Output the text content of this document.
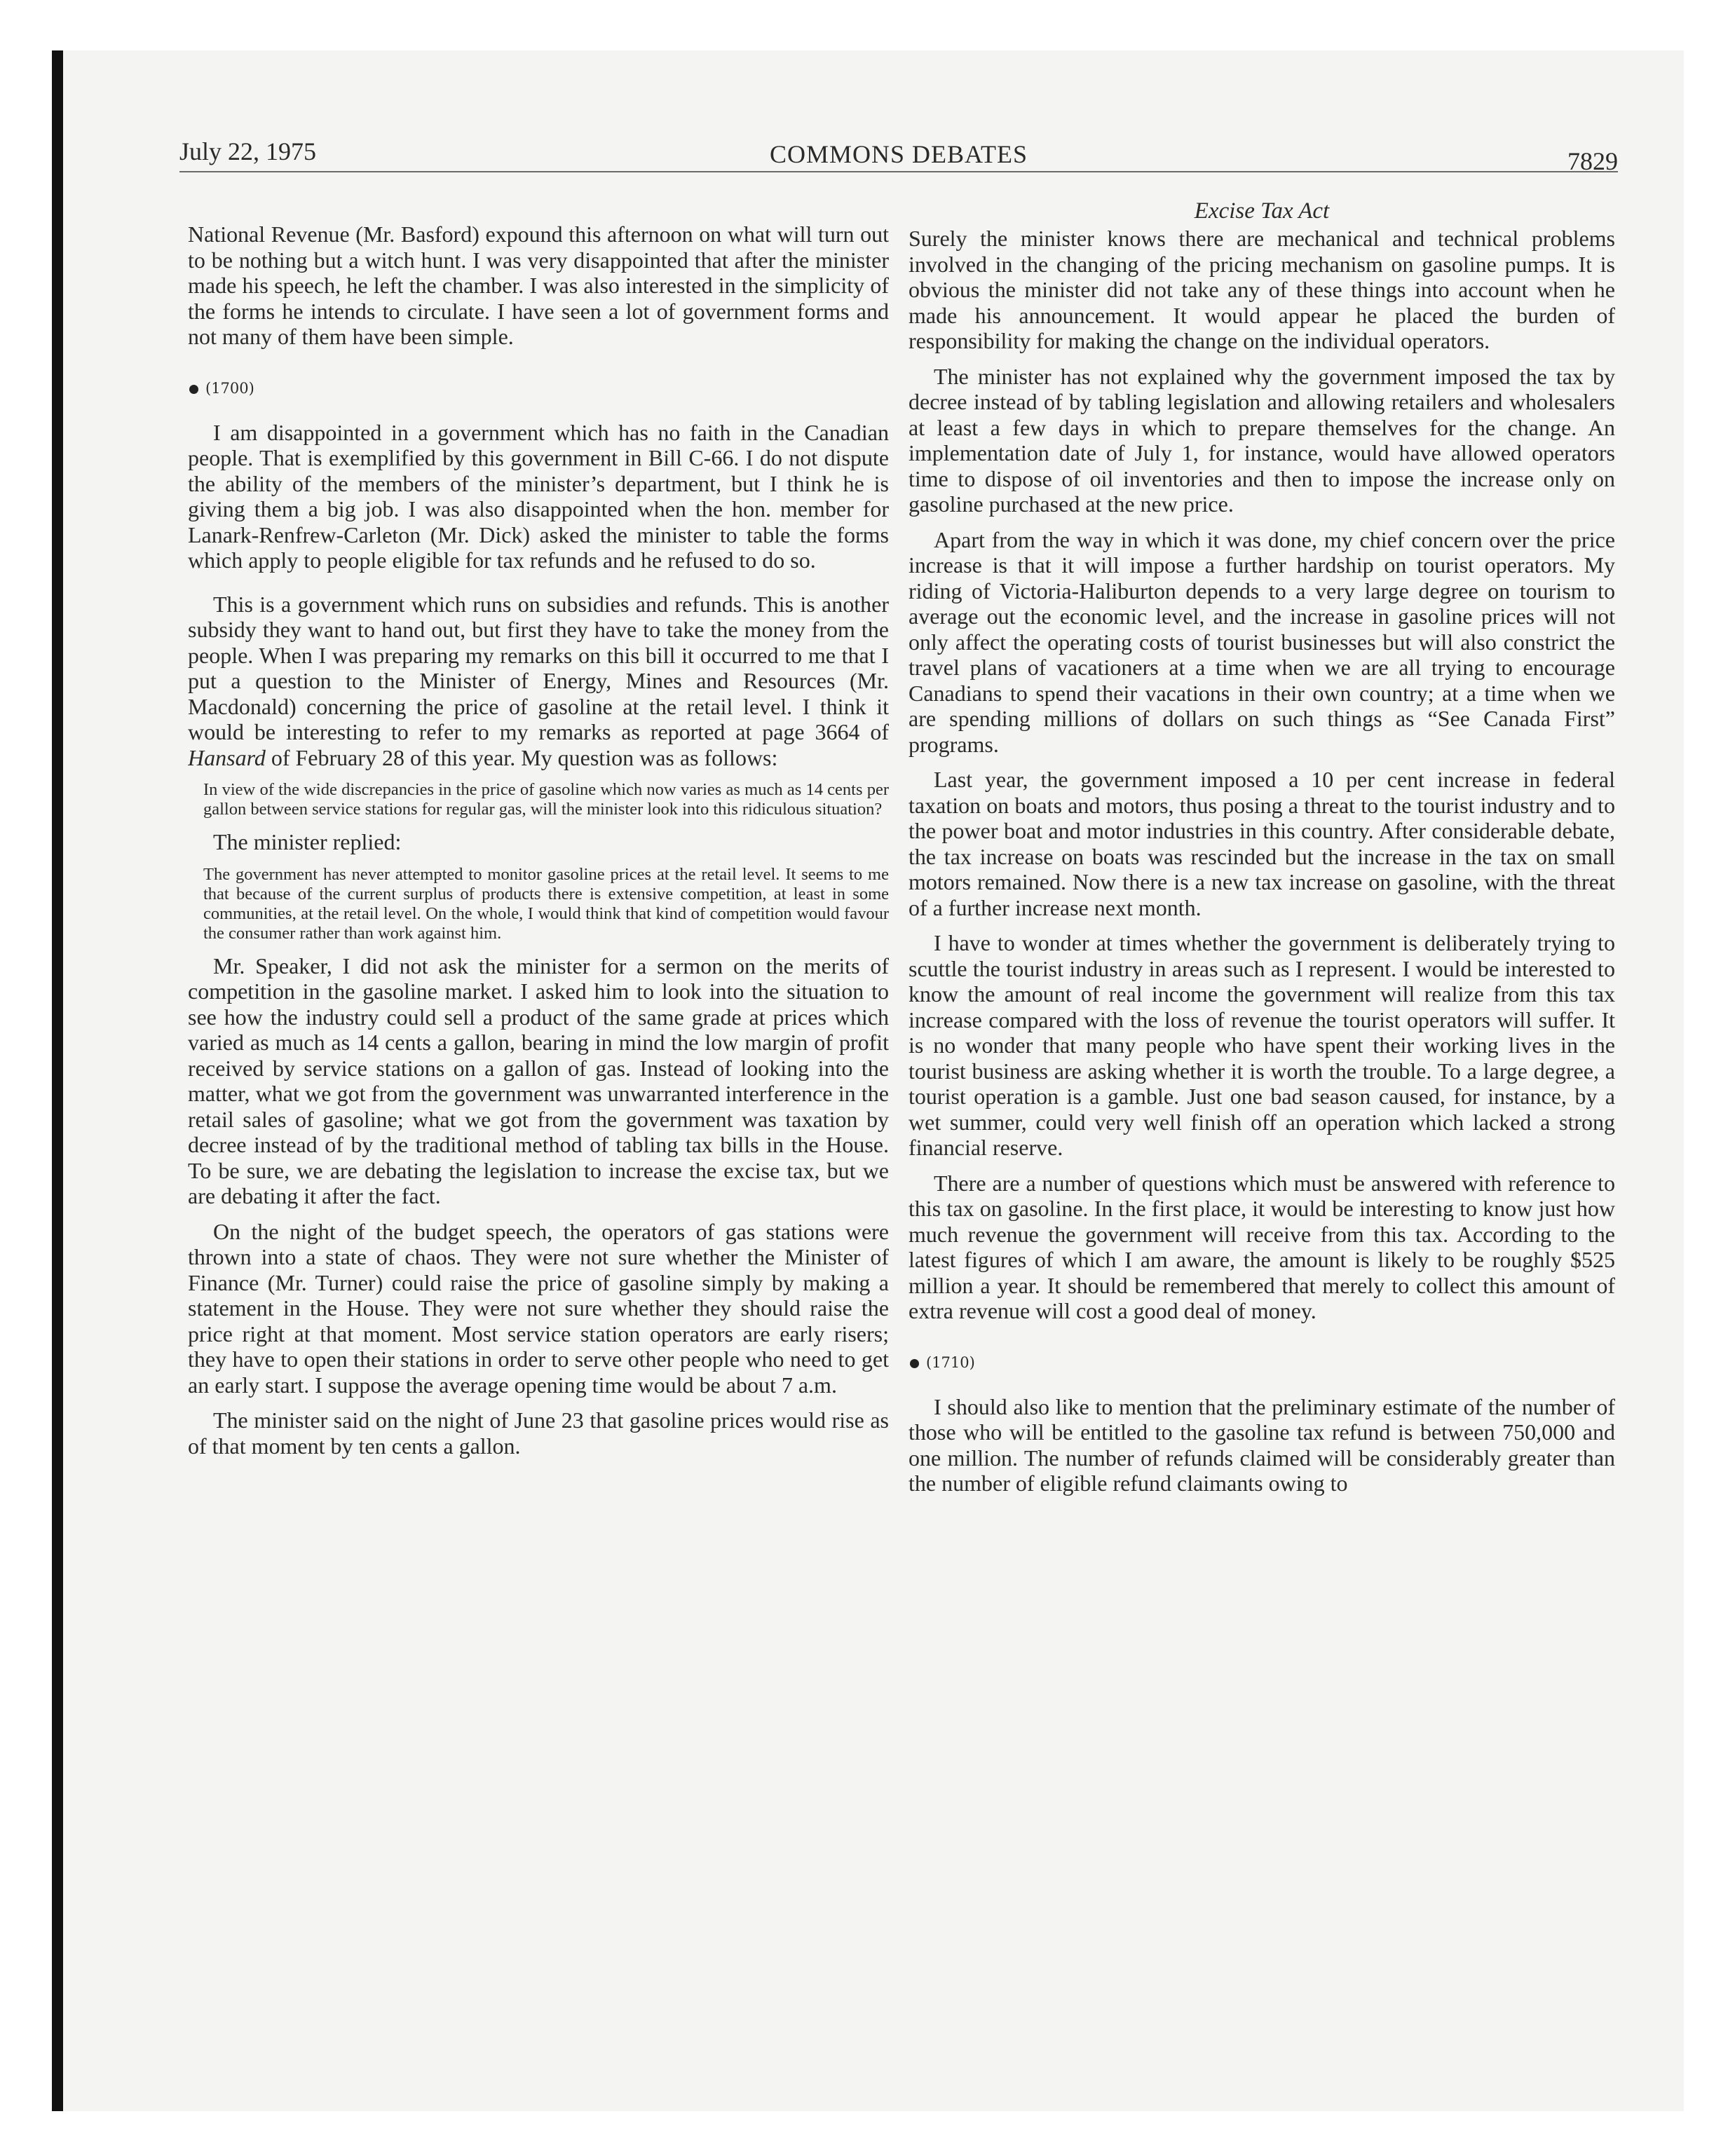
July 22, 1975	COMMONS DEBATES	7829
Excise Tax Act

National Revenue (Mr. Basford) expound this afternoon on what will turn out to be nothing but a witch hunt. I was very disappointed that after the minister made his speech, he left the chamber. I was also interested in the simplicity of the forms he intends to circulate. I have seen a lot of government forms and not many of them have been simple.

(1700)

I am disappointed in a government which has no faith in the Canadian people. That is exemplified by this government in Bill C-66. I do not dispute the ability of the members of the minister’s department, but I think he is giving them a big job. I was also disappointed when the hon. member for Lanark-Renfrew-Carleton (Mr. Dick) asked the minister to table the forms which apply to people eligible for tax refunds and he refused to do so.

This is a government which runs on subsidies and refunds. This is another subsidy they want to hand out, but first they have to take the money from the people. When I was preparing my remarks on this bill it occurred to me that I put a question to the Minister of Energy, Mines and Resources (Mr. Macdonald) concerning the price of gasoline at the retail level. I think it would be interesting to refer to my remarks as reported at page 3664 of Hansard of February 28 of this year. My question was as follows:

In view of the wide discrepancies in the price of gasoline which now varies as much as 14 cents per gallon between service stations for regular gas, will the minister look into this ridiculous situation?

The minister replied:

The government has never attempted to monitor gasoline prices at the retail level. It seems to me that because of the current surplus of products there is extensive competition, at least in some communities, at the retail level. On the whole, I would think that kind of competition would favour the consumer rather than work against him.

Mr. Speaker, I did not ask the minister for a sermon on the merits of competition in the gasoline market. I asked him to look into the situation to see how the industry could sell a product of the same grade at prices which varied as much as 14 cents a gallon, bearing in mind the low margin of profit received by service stations on a gallon of gas. Instead of looking into the matter, what we got from the government was unwarranted interference in the retail sales of gasoline; what we got from the government was taxation by decree instead of by the traditional method of tabling tax bills in the House. To be sure, we are debating the legislation to increase the excise tax, but we are debating it after the fact.

On the night of the budget speech, the operators of gas stations were thrown into a state of chaos. They were not sure whether the Minister of Finance (Mr. Turner) could raise the price of gasoline simply by making a statement in the House. They were not sure whether they should raise the price right at that moment. Most service station operators are early risers; they have to open their stations in order to serve other people who need to get an early start. I suppose the average opening time would be about 7 a.m.

The minister said on the night of June 23 that gasoline prices would rise as of that moment by ten cents a gallon.

Surely the minister knows there are mechanical and technical problems involved in the changing of the pricing mechanism on gasoline pumps. It is obvious the minister did not take any of these things into account when he made his announcement. It would appear he placed the burden of responsibility for making the change on the individual operators.

The minister has not explained why the government imposed the tax by decree instead of by tabling legislation and allowing retailers and wholesalers at least a few days in which to prepare themselves for the change. An implementation date of July 1, for instance, would have allowed operators time to dispose of oil inventories and then to impose the increase only on gasoline purchased at the new price.

Apart from the way in which it was done, my chief concern over the price increase is that it will impose a further hardship on tourist operators. My riding of Victoria-Haliburton depends to a very large degree on tourism to average out the economic level, and the increase in gasoline prices will not only affect the operating costs of tourist businesses but will also constrict the travel plans of vacationers at a time when we are all trying to encourage Canadians to spend their vacations in their own country; at a time when we are spending millions of dollars on such things as “See Canada First” programs.

Last year, the government imposed a 10 per cent increase in federal taxation on boats and motors, thus posing a threat to the tourist industry and to the power boat and motor industries in this country. After considerable debate, the tax increase on boats was rescinded but the increase in the tax on small motors remained. Now there is a new tax increase on gasoline, with the threat of a further increase next month.

I have to wonder at times whether the government is deliberately trying to scuttle the tourist industry in areas such as I represent. I would be interested to know the amount of real income the government will realize from this tax increase compared with the loss of revenue the tourist operators will suffer. It is no wonder that many people who have spent their working lives in the tourist business are asking whether it is worth the trouble. To a large degree, a tourist operation is a gamble. Just one bad season caused, for instance, by a wet summer, could very well finish off an operation which lacked a strong financial reserve.

There are a number of questions which must be answered with reference to this tax on gasoline. In the first place, it would be interesting to know just how much revenue the government will receive from this tax. According to the latest figures of which I am aware, the amount is likely to be roughly $525 million a year. It should be remembered that merely to collect this amount of extra revenue will cost a good deal of money.

(1710)

I should also like to mention that the preliminary estimate of the number of those who will be entitled to the gasoline tax refund is between 750,000 and one million. The number of refunds claimed will be considerably greater than the number of eligible refund claimants owing to
